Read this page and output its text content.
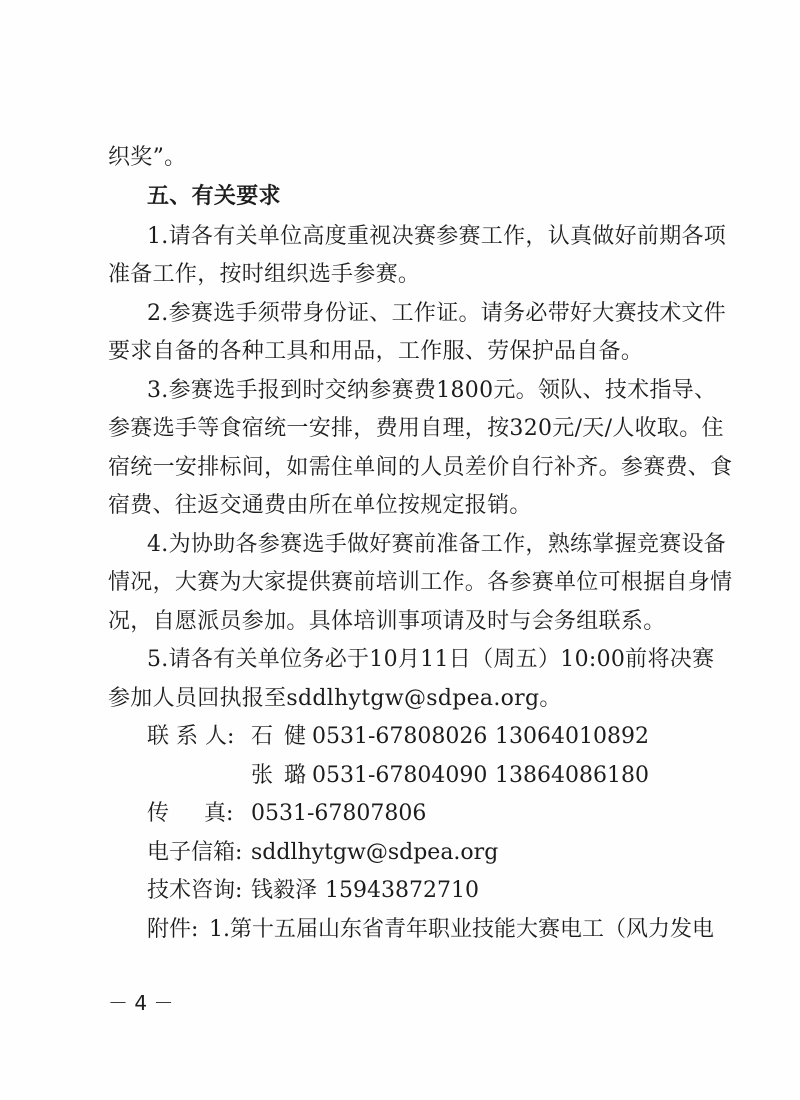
织奖”。
五、有关要求
1.请各有关单位高度重视决赛参赛工作，认真做好前期各项
准备工作，按时组织选手参赛。
2.参赛选手须带身份证、工作证。请务必带好大赛技术文件
要求自备的各种工具和用品，工作服、劳保护品自备。
3.参赛选手报到时交纳参赛费1800元。领队、技术指导、
参赛选手等食宿统一安排，费用自理，按320元/天/人收取。住
宿统一安排标间，如需住单间的人员差价自行补齐。参赛费、食
宿费、往返交通费由所在单位按规定报销。
4.为协助各参赛选手做好赛前准备工作，熟练掌握竞赛设备
情况，大赛为大家提供赛前培训工作。各参赛单位可根据自身情
况，自愿派员参加。具体培训事项请及时与会务组联系。
5.请各有关单位务必于10月11日（周五）10:00前将决赛
参加人员回执报至sddlhytgw@sdpea.org。
联 系 人: 石 健 0531-67808026 13064010892
张 璐 0531-67804090 13864086180
传     真: 0531-67807806
电子信箱: sddlhytgw@sdpea.org
技术咨询: 钱毅泽 15943872710
附件: 1.第十五届山东省青年职业技能大赛电工（风力发电
－ 4 －
